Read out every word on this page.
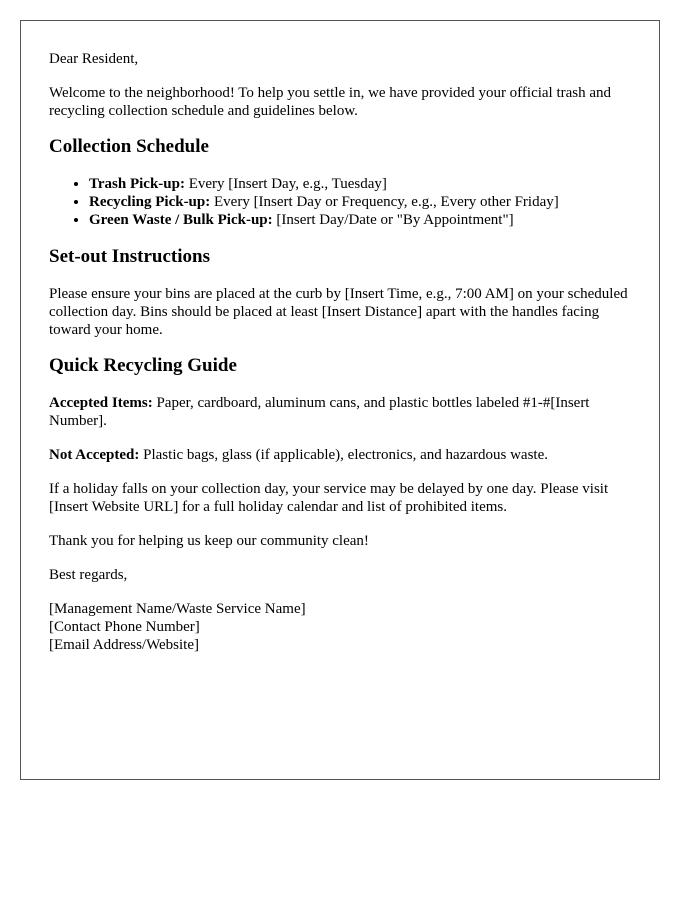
Dear Resident,

Welcome to the neighborhood! To help you settle in, we have provided your official trash and recycling collection schedule and guidelines below.

Collection Schedule
• Trash Pick-up: Every [Insert Day, e.g., Tuesday]
• Recycling Pick-up: Every [Insert Day or Frequency, e.g., Every other Friday]
• Green Waste / Bulk Pick-up: [Insert Day/Date or "By Appointment"]
Set-out Instructions

Please ensure your bins are placed at the curb by [Insert Time, e.g., 7:00 AM] on your scheduled collection day. Bins should be placed at least [Insert Distance] apart with the handles facing toward your home.

Quick Recycling Guide

Accepted Items: Paper, cardboard, aluminum cans, and plastic bottles labeled #1-#[Insert Number].

Not Accepted: Plastic bags, glass (if applicable), electronics, and hazardous waste.

If a holiday falls on your collection day, your service may be delayed by one day. Please visit [Insert Website URL] for a full holiday calendar and list of prohibited items.

Thank you for helping us keep our community clean!

Best regards,

[Management Name/Waste Service Name]
[Contact Phone Number]
[Email Address/Website]
